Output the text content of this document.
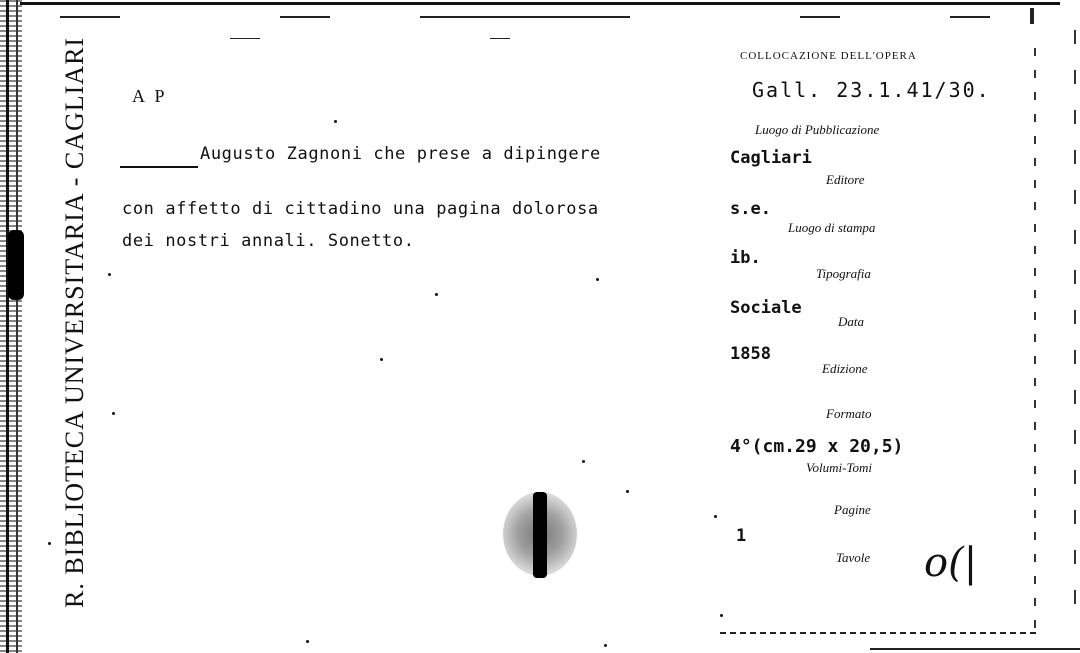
R. BIBLIOTECA UNIVERSITARIA - CAGLIARI A P
Augusto Zagnoni che prese a dipingere
con affetto di cittadino una pagina dolorosa
dei nostri annali. Sonetto.
COLLOCAZIONE DELL'OPERA
Gall. 23.1.41/30.
Luogo di Pubblicazione
Cagliari
Editore
s.e.
Luogo di stampa
ib.
Tipografia
Sociale
Data
1858
Edizione
Formato
4°(cm.29 x 20,5)
Volumi-Tomi
Pagine
1
Tavole o(|
